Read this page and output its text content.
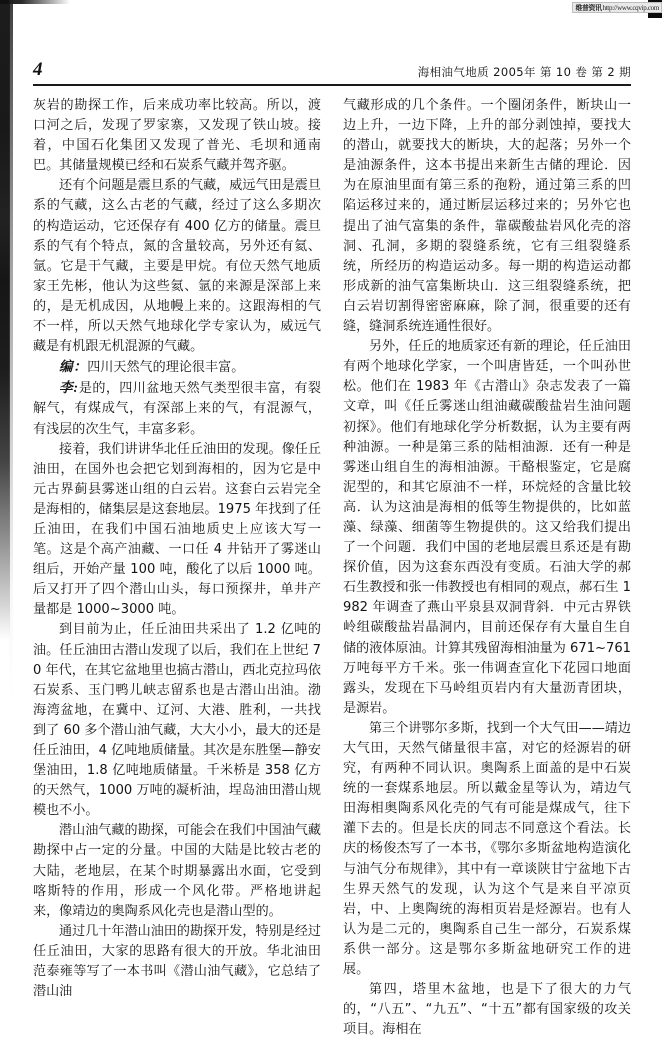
维普资讯 http://www.cqvip.com
4	海相油气地质 2005年 第 10 卷 第 2 期

灰岩的勘探工作，后来成功率比较高。所以，渡口河之后，发现了罗家寨，又发现了铁山坡。接着，中国石化集团又发现了普光、毛坝和通南巴。其储量规模已经和石炭系气藏并驾齐驱。

还有个问题是震旦系的气藏，威远气田是震旦系的气藏，这么古老的气藏，经过了这么多期次的构造运动，它还保存有 400 亿方的储量。震旦系的气有个特点，氮的含量较高，另外还有氦、氩。它是干气藏，主要是甲烷。有位天然气地质家王先彬，他认为这些氦、氩的来源是深部上来的，是无机成因，从地幔上来的。这跟海相的气不一样，所以天然气地球化学专家认为，威远气藏是有机跟无机混源的气藏。

编：四川天然气的理论很丰富。

李:是的，四川盆地天然气类型很丰富，有裂解气，有煤成气，有深部上来的气，有混源气，有浅层的次生气，丰富多彩。

接着，我们讲讲华北任丘油田的发现。像任丘油田，在国外也会把它划到海相的，因为它是中元古界蓟县雾迷山组的白云岩。这套白云岩完全是海相的，储集层是这套地层。1975 年找到了任丘油田，在我们中国石油地质史上应该大写一笔。这是个高产油藏、一口任 4 井钻开了雾迷山组后，开始产量 100 吨，酸化了以后 1000 吨。后又打开了四个潜山山头，每口预探井，单井产量都是 1000~3000 吨。

到目前为止，任丘油田共采出了 1.2 亿吨的油。任丘油田古潜山发现了以后，我们在上世纪 70 年代，在其它盆地里也搞古潜山，西北克拉玛依石炭系、玉门鸭儿峡志留系也是古潜山出油。渤海湾盆地，在冀中、辽河、大港、胜利，一共找到了 60 多个潜山油气藏，大大小小，最大的还是任丘油田，4 亿吨地质储量。其次是东胜堡—静安堡油田，1.8 亿吨地质储量。千米桥是 358 亿方的天然气，1000 万吨的凝析油，埕岛油田潜山规模也不小。

潜山油气藏的勘探，可能会在我们中国油气藏勘探中占一定的分量。中国的大陆是比较古老的大陆，老地层，在某个时期暴露出水面，它受到喀斯特的作用，形成一个风化带。严格地讲起来，像靖边的奥陶系风化壳也是潜山型的。

通过几十年潜山油田的勘探开发，特别是经过任丘油田，大家的思路有很大的开放。华北油田范泰雍等写了一本书叫《潜山油气藏》，它总结了潜山油

气藏形成的几个条件。一个圈闭条件，断块山一边上升，一边下降，上升的部分剥蚀掉，要找大的潜山，就要找大的断块，大的起落；另外一个是油源条件，这本书提出来新生古储的理论．因为在原油里面有第三系的孢粉，通过第三系的凹陷运移过来的，通过断层运移过来的；另外它也提出了油气富集的条件，靠碳酸盐岩风化壳的溶洞、孔洞，多期的裂缝系统，它有三组裂缝系统，所经历的构造运动多。每一期的构造运动都形成新的油气富集断块山．这三组裂缝系统，把白云岩切割得密密麻麻，除了洞，很重要的还有缝，缝洞系统连通性很好。

另外，任丘的地质家还有新的理论，任丘油田有两个地球化学家，一个叫唐皆廷，一个叫孙世松。他们在 1983 年《古潜山》杂志发表了一篇文章，叫《任丘雾迷山组油藏碳酸盐岩生油问题初探》。他们有地球化学分析数据，认为主要有两种油源。一种是第三系的陆相油源．还有一种是雾迷山组自生的海相油源。干酪根鉴定，它是腐泥型的，和其它原油不一样，环烷烃的含量比较高．认为这油是海相的低等生物提供的，比如蓝藻、绿藻、细菌等生物提供的。这又给我们提出了一个问题．我们中国的老地层震旦系还是有勘探价值，因为这套东西没有变质。石油大学的郝石生教授和张一伟教授也有相同的观点，郝石生 1982 年调查了燕山平泉县双洞背斜．中元古界铁岭组碳酸盐岩晶洞内，目前还保存有大量自生自储的液体原油。计算其残留海相油量为 671~761 万吨每平方千米。张一伟调查宣化下花园口地面露头，发现在下马岭组页岩内有大量沥青团块，是源岩。

第三个讲鄂尔多斯，找到一个大气田——靖边大气田，天然气储量很丰富，对它的烃源岩的研究，有两种不同认识。奥陶系上面盖的是中石炭统的一套煤系地层。所以戴金星等认为，靖边气田海相奥陶系风化壳的气有可能是煤成气，往下灌下去的。但是长庆的同志不同意这个看法。长庆的杨俊杰写了一本书，《鄂尔多斯盆地构造演化与油气分布规律》，其中有一章谈陕甘宁盆地下古生界天然气的发现，认为这个气是来自平凉页岩，中、上奥陶统的海相页岩是烃源岩。也有人认为是二元的，奥陶系自己生一部分，石炭系煤系供一部分。这是鄂尔多斯盆地研究工作的进展。

第四，塔里木盆地，也是下了很大的力气的，“八五”、“九五”、“十五”都有国家级的攻关项目。海相在
